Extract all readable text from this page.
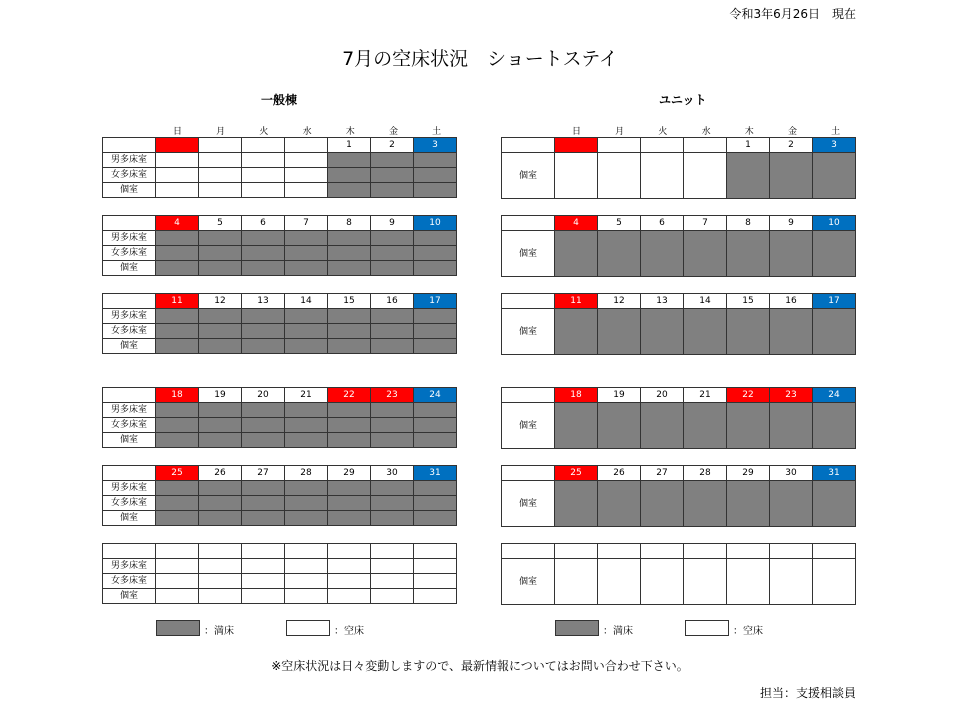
令和3年6月26日　現在
7月の空床状況　ショートステイ
一般棟	ユニット
日	月	火	水	木	金	土	日	月	火	水	木	金	土
					1	2	3
男多床室							
女多床室							
個室							
	4	5	6	7	8	9	10
男多床室							
女多床室							
個室							
	11	12	13	14	15	16	17
男多床室							
女多床室							
個室							
	18	19	20	21	22	23	24
男多床室							
女多床室							
個室							
	25	26	27	28	29	30	31
男多床室							
女多床室							
個室							

男多床室							
女多床室							
個室							
					1	2	3
個室							
	4	5	6	7	8	9	10
個室							
	11	12	13	14	15	16	17
個室							
	18	19	20	21	22	23	24
個室							
	25	26	27	28	29	30	31
個室							

個室							
：満床	：空床	：満床	：空床
※空床状況は日々変動しますので、最新情報についてはお問い合わせ下さい。
担当：支援相談員
